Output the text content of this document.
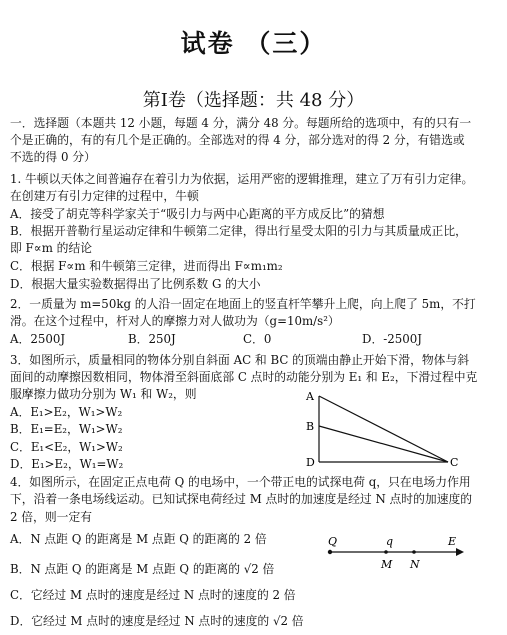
试卷 （三）
第Ⅰ卷（选择题：共 48 分）
一．选择题（本题共 12 小题，每题 4 分，满分 48 分。每题所给的选项中，有的只有一
个是正确的，有的有几个是正确的。全部选对的得 4 分，部分选对的得 2 分，有错选或
不选的得 0 分）
1. 牛顿以天体之间普遍存在着引力为依据，运用严密的逻辑推理，建立了万有引力定律。
在创建万有引力定律的过程中，牛顿
A．接受了胡克等科学家关于“吸引力与两中心距离的平方成反比”的猜想
B．根据开普勒行星运动定律和牛顿第二定律，得出行星受太阳的引力与其质量成正比，
即 F∝m 的结论
C．根据 F∝m 和牛顿第三定律，进而得出 F∝m₁m₂
D．根据大量实验数据得出了比例系数 G 的大小
2．一质量为 m=50kg 的人沿一固定在地面上的竖直杆竿攀升上爬，向上爬了 5m，不打
滑。在这个过程中，杆对人的摩擦力对人做功为（g=10m/s²）
A．2500J	B．250J	C．0	D．-2500J
3．如图所示，质量相同的物体分别自斜面 AC 和 BC 的顶端由静止开始下滑，物体与斜
面间的动摩擦因数相同，物体滑至斜面底部 C 点时的动能分别为 E₁ 和 E₂，下滑过程中克
服摩擦力做功分别为 W₁ 和 W₂，则
A．E₁>E₂，W₁>W₂
B．E₁=E₂，W₁>W₂
C．E₁<E₂，W₁>W₂
D．E₁>E₂，W₁=W₂
A
B
D	C
4．如图所示，在固定正点电荷 Q 的电场中，一个带正电的试探电荷 q，只在电场力作用
下，沿着一条电场线运动。已知试探电荷经过 M 点时的加速度是经过 N 点时的加速度的
2 倍，则一定有
A．N 点距 Q 的距离是 M 点距 Q 的距离的 2 倍	Q	q	E
M N
B．N 点距 Q 的距离是 M 点距 Q 的距离的 √2 倍
C．它经过 M 点时的速度是经过 N 点时的速度的 2 倍
D．它经过 M 点时的速度是经过 N 点时的速度的 √2 倍
